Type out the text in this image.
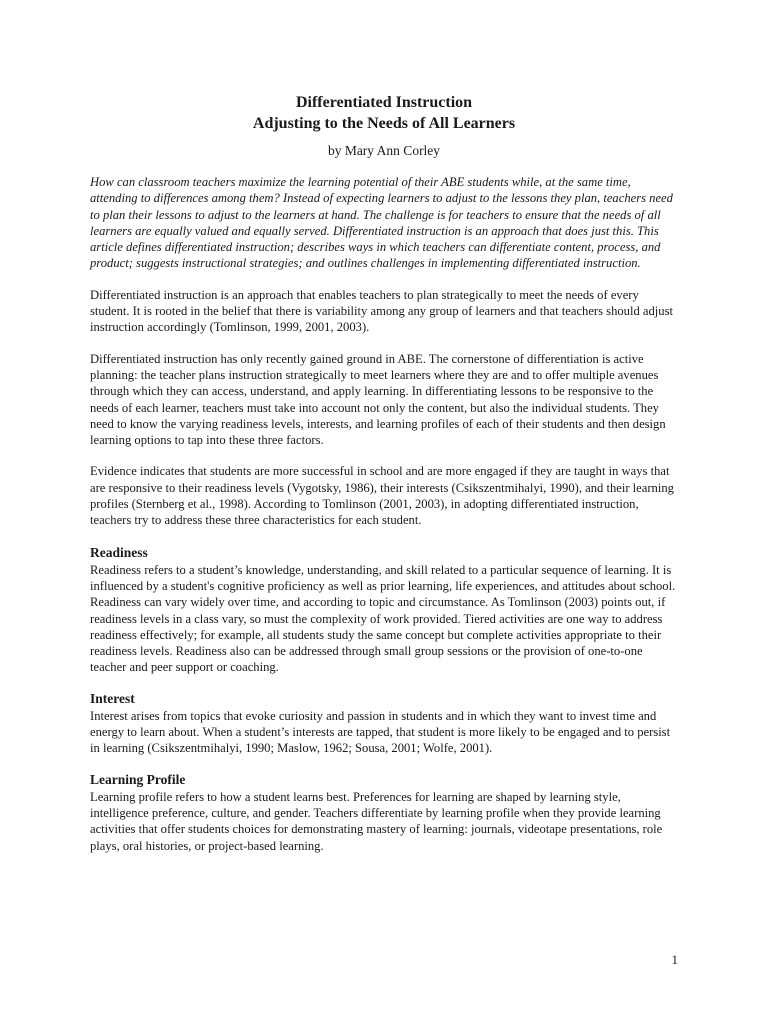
Differentiated Instruction
Adjusting to the Needs of All Learners

by Mary Ann Corley

How can classroom teachers maximize the learning potential of their ABE students while, at the same time, attending to differences among them? Instead of expecting learners to adjust to the lessons they plan, teachers need to plan their lessons to adjust to the learners at hand. The challenge is for teachers to ensure that the needs of all learners are equally valued and equally served. Differentiated instruction is an approach that does just this. This article defines differentiated instruction; describes ways in which teachers can differentiate content, process, and product; suggests instructional strategies; and outlines challenges in implementing differentiated instruction.

Differentiated instruction is an approach that enables teachers to plan strategically to meet the needs of every student. It is rooted in the belief that there is variability among any group of learners and that teachers should adjust instruction accordingly (Tomlinson, 1999, 2001, 2003).

Differentiated instruction has only recently gained ground in ABE. The cornerstone of differentiation is active planning: the teacher plans instruction strategically to meet learners where they are and to offer multiple avenues through which they can access, understand, and apply learning. In differentiating lessons to be responsive to the needs of each learner, teachers must take into account not only the content, but also the individual students. They need to know the varying readiness levels, interests, and learning profiles of each of their students and then design learning options to tap into these three factors.

Evidence indicates that students are more successful in school and are more engaged if they are taught in ways that are responsive to their readiness levels (Vygotsky, 1986), their interests (Csikszentmihalyi, 1990), and their learning profiles (Sternberg et al., 1998). According to Tomlinson (2001, 2003), in adopting differentiated instruction, teachers try to address these three characteristics for each student.

Readiness

Readiness refers to a student’s knowledge, understanding, and skill related to a particular sequence of learning. It is influenced by a student's cognitive proficiency as well as prior learning, life experiences, and attitudes about school. Readiness can vary widely over time, and according to topic and circumstance. As Tomlinson (2003) points out, if readiness levels in a class vary, so must the complexity of work provided. Tiered activities are one way to address readiness effectively; for example, all students study the same concept but complete activities appropriate to their readiness levels. Readiness also can be addressed through small group sessions or the provision of one-to-one teacher and peer support or coaching.

Interest

Interest arises from topics that evoke curiosity and passion in students and in which they want to invest time and energy to learn about. When a student’s interests are tapped, that student is more likely to be engaged and to persist in learning (Csikszentmihalyi, 1990; Maslow, 1962; Sousa, 2001; Wolfe, 2001).

Learning Profile

Learning profile refers to how a student learns best. Preferences for learning are shaped by learning style, intelligence preference, culture, and gender. Teachers differentiate by learning profile when they provide learning activities that offer students choices for demonstrating mastery of learning: journals, videotape presentations, role plays, oral histories, or project-based learning.

1
